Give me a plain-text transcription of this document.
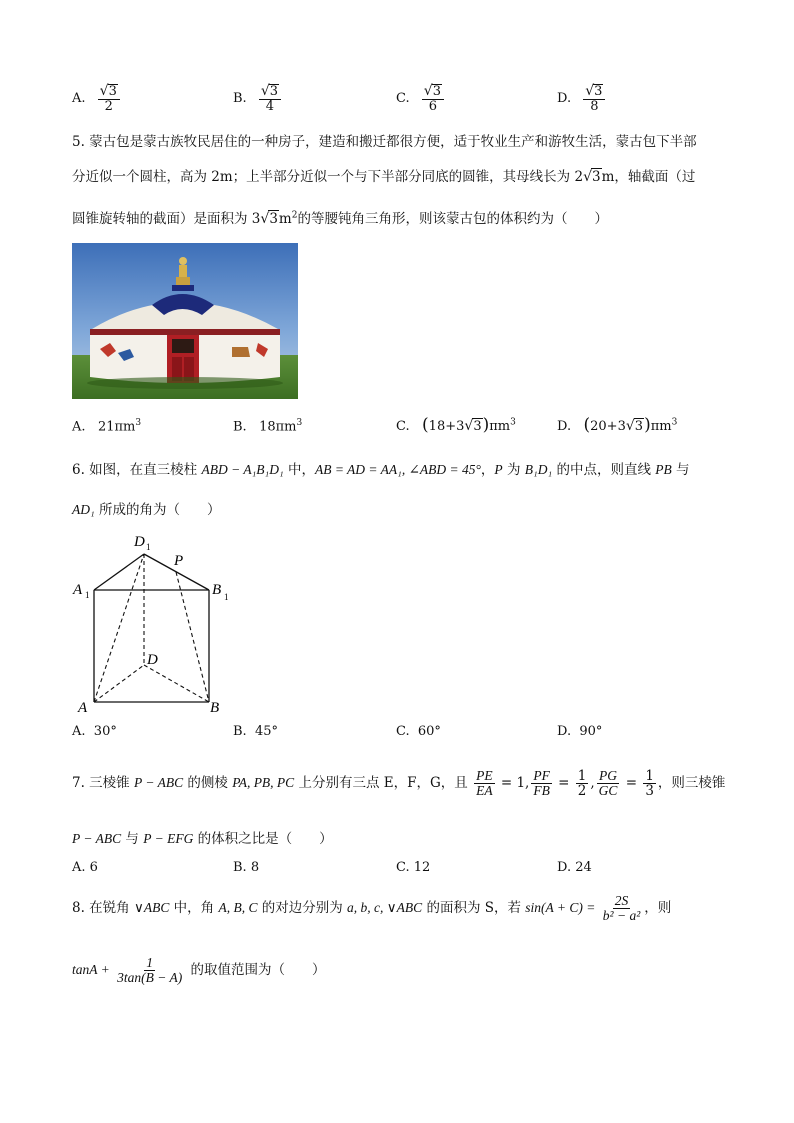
A. $\frac{√3}{2}$	B. $\frac{√3}{4}$	C. $\frac{√3}{6}$	D. $\frac{√3}{8}$
5. 蒙古包是蒙古族牧民居住的一种房子，建造和搬迁都很方便，适于牧业生产和游牧生活，蒙古包下半部
分近似一个圆柱，高为 2m；上半部分近似一个与下半部分同底的圆锥，其母线长为 2√3m，轴截面（过
圆锥旋转轴的截面）是面积为 $3√3m^2$的等腰钝角三角形，则该蒙古包的体积约为（　　）
A. $21\pi m^3$	B. $18\pi m^3$	C. $(18+3√3)\pi m^3$	D. $(20+3√3)\pi m^3$
6. 如图，在直三棱柱 ABD − A₁B₁D₁ 中，AB = AD = AA₁, ∠ABD = 45°，P 为 B₁D₁ 的中点，则直线 PB 与
AD₁ 所成的角为（　　）
D 1
P
A 1	B 1
D
A	B
A. 30°	B. 45°	C. 60°	D. 90°
7. 三棱锥 P − ABC 的侧棱 PA, PB, PC 上分别有三点 E，F，G，且 $\frac{PE}{EA} = 1$, $\frac{PF}{FB} = \frac{1}{2}$ , $\frac{PG}{GC} = \frac{1}{3}$ ，则三棱锥
P − ABC 与 P − EFG 的体积之比是（　　）
A. 6	B. 8	C. 12	D. 24
8. 在锐角 ∨ABC 中，角 A, B, C 的对边分别为 a, b, c, ∨ABC 的面积为 S，若 $\sin(A + C) = \frac{2S}{\text{b² − a²}}$ ，则
$\tan A + \frac{1}{3\tan(B - A)}$ 的取值范围为（　　）
